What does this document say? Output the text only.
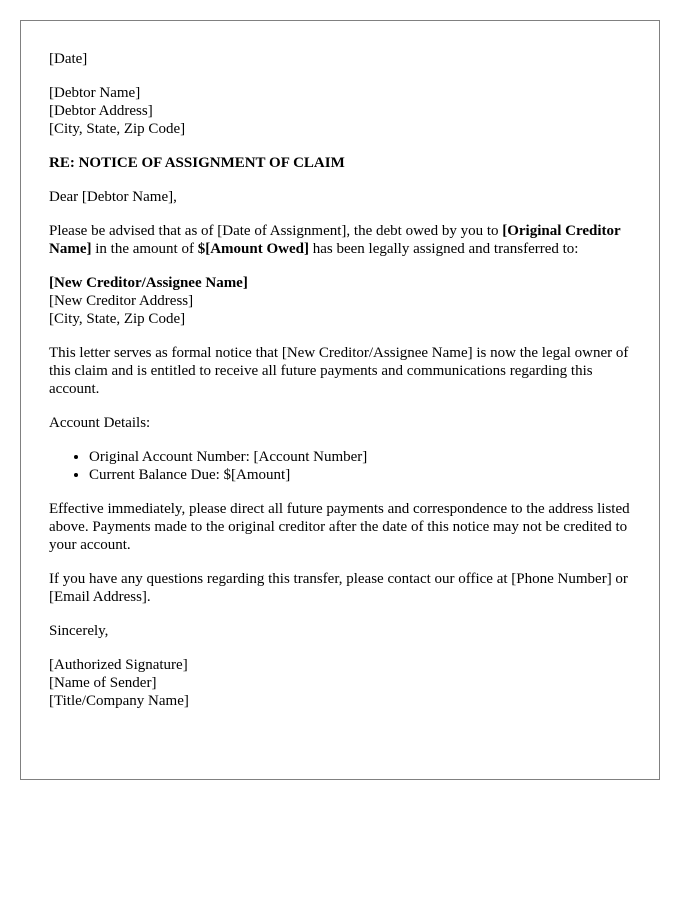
[Date]

[Debtor Name]
[Debtor Address]
[City, State, Zip Code]

RE: NOTICE OF ASSIGNMENT OF CLAIM

Dear [Debtor Name],

Please be advised that as of [Date of Assignment], the debt owed by you to [Original Creditor Name] in the amount of $[Amount Owed] has been legally assigned and transferred to:

[New Creditor/Assignee Name]
[New Creditor Address]
[City, State, Zip Code]

This letter serves as formal notice that [New Creditor/Assignee Name] is now the legal owner of this claim and is entitled to receive all future payments and communications regarding this account.

Account Details:

• Original Account Number: [Account Number]
• Current Balance Due: $[Amount]

Effective immediately, please direct all future payments and correspondence to the address listed above. Payments made to the original creditor after the date of this notice may not be credited to your account.

If you have any questions regarding this transfer, please contact our office at [Phone Number] or [Email Address].

Sincerely,

[Authorized Signature]
[Name of Sender]
[Title/Company Name]
